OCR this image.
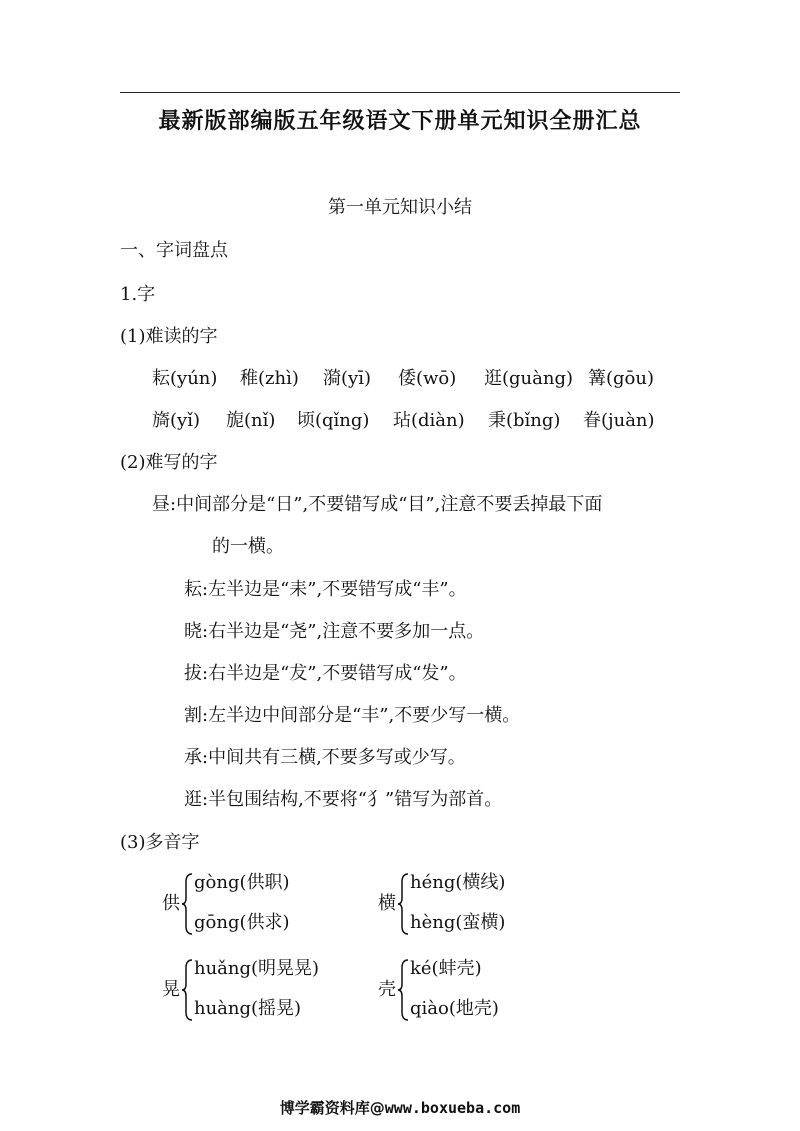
最新版部编版五年级语文下册单元知识全册汇总
第一单元知识小结
一、字词盘点
1.字
(1)难读的字
耘(yún) 稚(zhì) 漪(yī) 倭(wō) 逛(guàng) 篝(gōu)
旖(yǐ) 旎(nǐ) 顷(qǐng) 玷(diàn) 秉(bǐng) 眷(juàn)
(2)难写的字
昼:中间部分是“日”,不要错写成“目”,注意不要丢掉最下面
的一横。
耘:左半边是“耒”,不要错写成“丰”。
晓:右半边是“尧”,注意不要多加一点。
拔:右半边是“犮”,不要错写成“发”。
割:左半边中间部分是“丰”,不要少写一横。
承:中间共有三横,不要多写或少写。
逛:半包围结构,不要将“犭”错写为部首。
(3)多音字
供
gòng(供职)
gōng(供求)
横
héng(横线)
hèng(蛮横)
晃
huǎng(明晃晃)
huàng(摇晃)
壳
ké(蚌壳)
qiào(地壳)
博学霸资料库@www.boxueba.com
